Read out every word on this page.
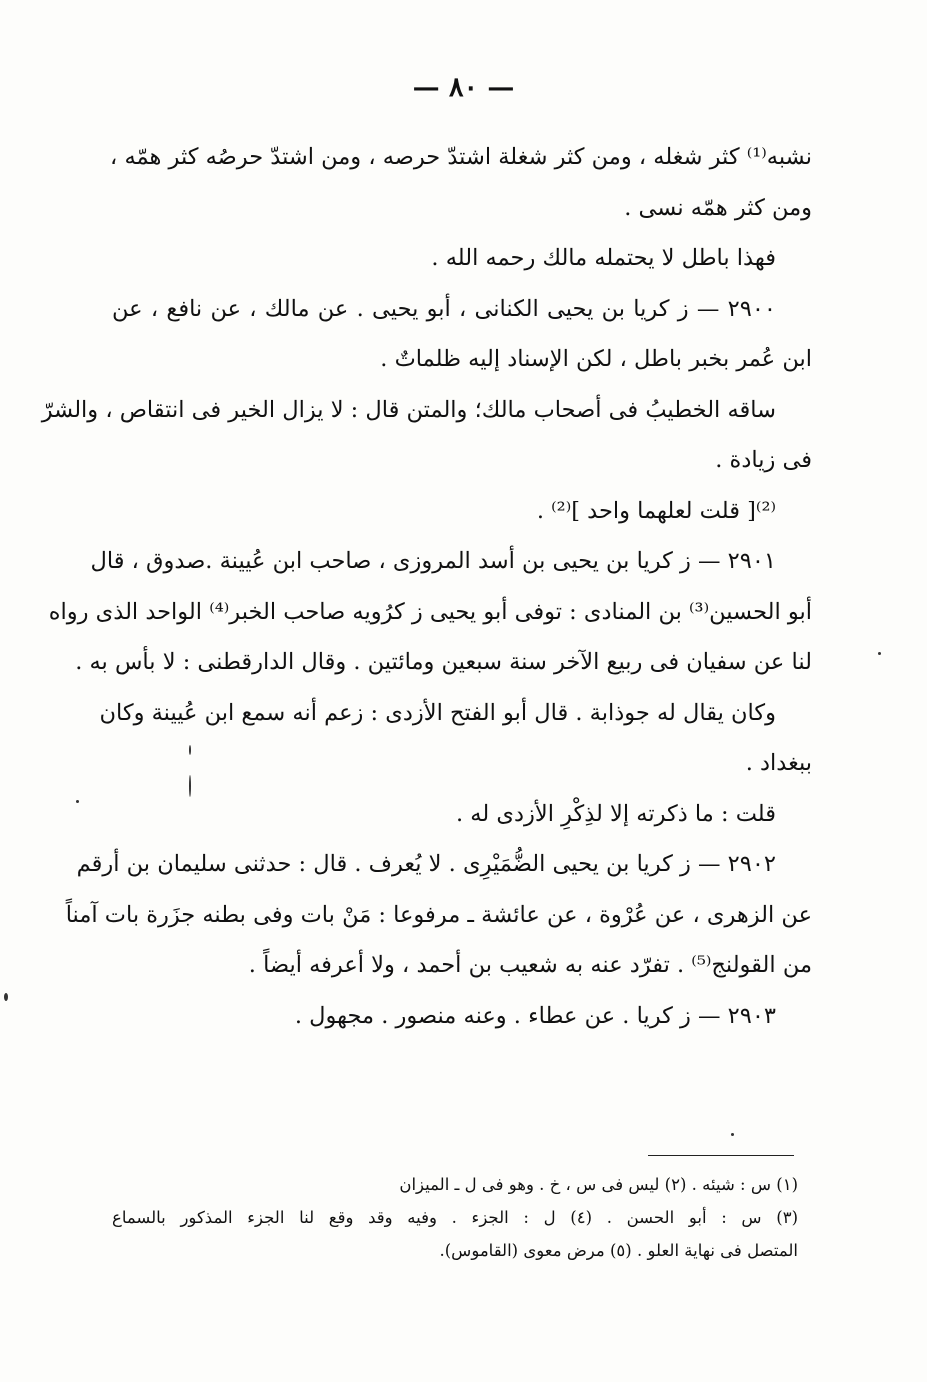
— ٨٠ —
نشبه⁽¹⁾ كثر شغله ، ومن كثر شغلة اشتدّ حرصه ، ومن اشتدّ حرصُه كثر همّه ،
ومن كثر همّه نسى .
فهذا باطل لا يحتمله مالك رحمه الله .
٢٩٠٠ — ز كريا بن يحيى الكنانى ، أبو يحيى . عن مالك ، عن نافع ، عن
ابن عُمر بخبر باطل ، لكن الإسناد إليه ظلماتٌ .
ساقه الخطيبُ فى أصحاب مالك؛ والمتن قال : لا يزال الخير فى انتقاص ، والشرّ
فى زيادة .
⁽²⁾[ قلت لعلهما واحد ]⁽²⁾ .
٢٩٠١ — ز كريا بن يحيى بن أسد المروزى ، صاحب ابن عُيينة .صدوق ، قال
أبو الحسين⁽³⁾ بن المنادى : توفى أبو يحيى ز كرُويه صاحب الخبر⁽⁴⁾ الواحد الذى رواه
لنا عن سفيان فى ربيع الآخر سنة سبعين ومائتين . وقال الدارقطنى : لا بأس به .
وكان يقال له جوذابة . قال أبو الفتح الأزدى : زعم أنه سمع ابن عُيينة وكان
ببغداد .
قلت : ما ذكرته إلا لذِكْرِ الأزدى له .
٢٩٠٢ — ز كريا بن يحيى الضُّمَيْرِى . لا يُعرف . قال : حدثنى سليمان بن أرقم
عن الزهرى ، عن عُرْوة ، عن عائشة ـ مرفوعا : مَنْ بات وفى بطنه جزَرة بات آمناً
من القولنج⁽⁵⁾ . تفرّد عنه به شعيب بن أحمد ، ولا أعرفه أيضاً .
٢٩٠٣ — ز كريا . عن عطاء . وعنه منصور . مجهول .
(١) س : شيئه . (٢) ليس فى س ، خ . وهو فى ل ـ الميزان
(٣) س : أبو الحسن . (٤) ل : الجزء . وفيه وقد وقع لنا الجزء المذكور بالسماع
المتصل فى نهاية العلو . (٥) مرض معوى (القاموس).
